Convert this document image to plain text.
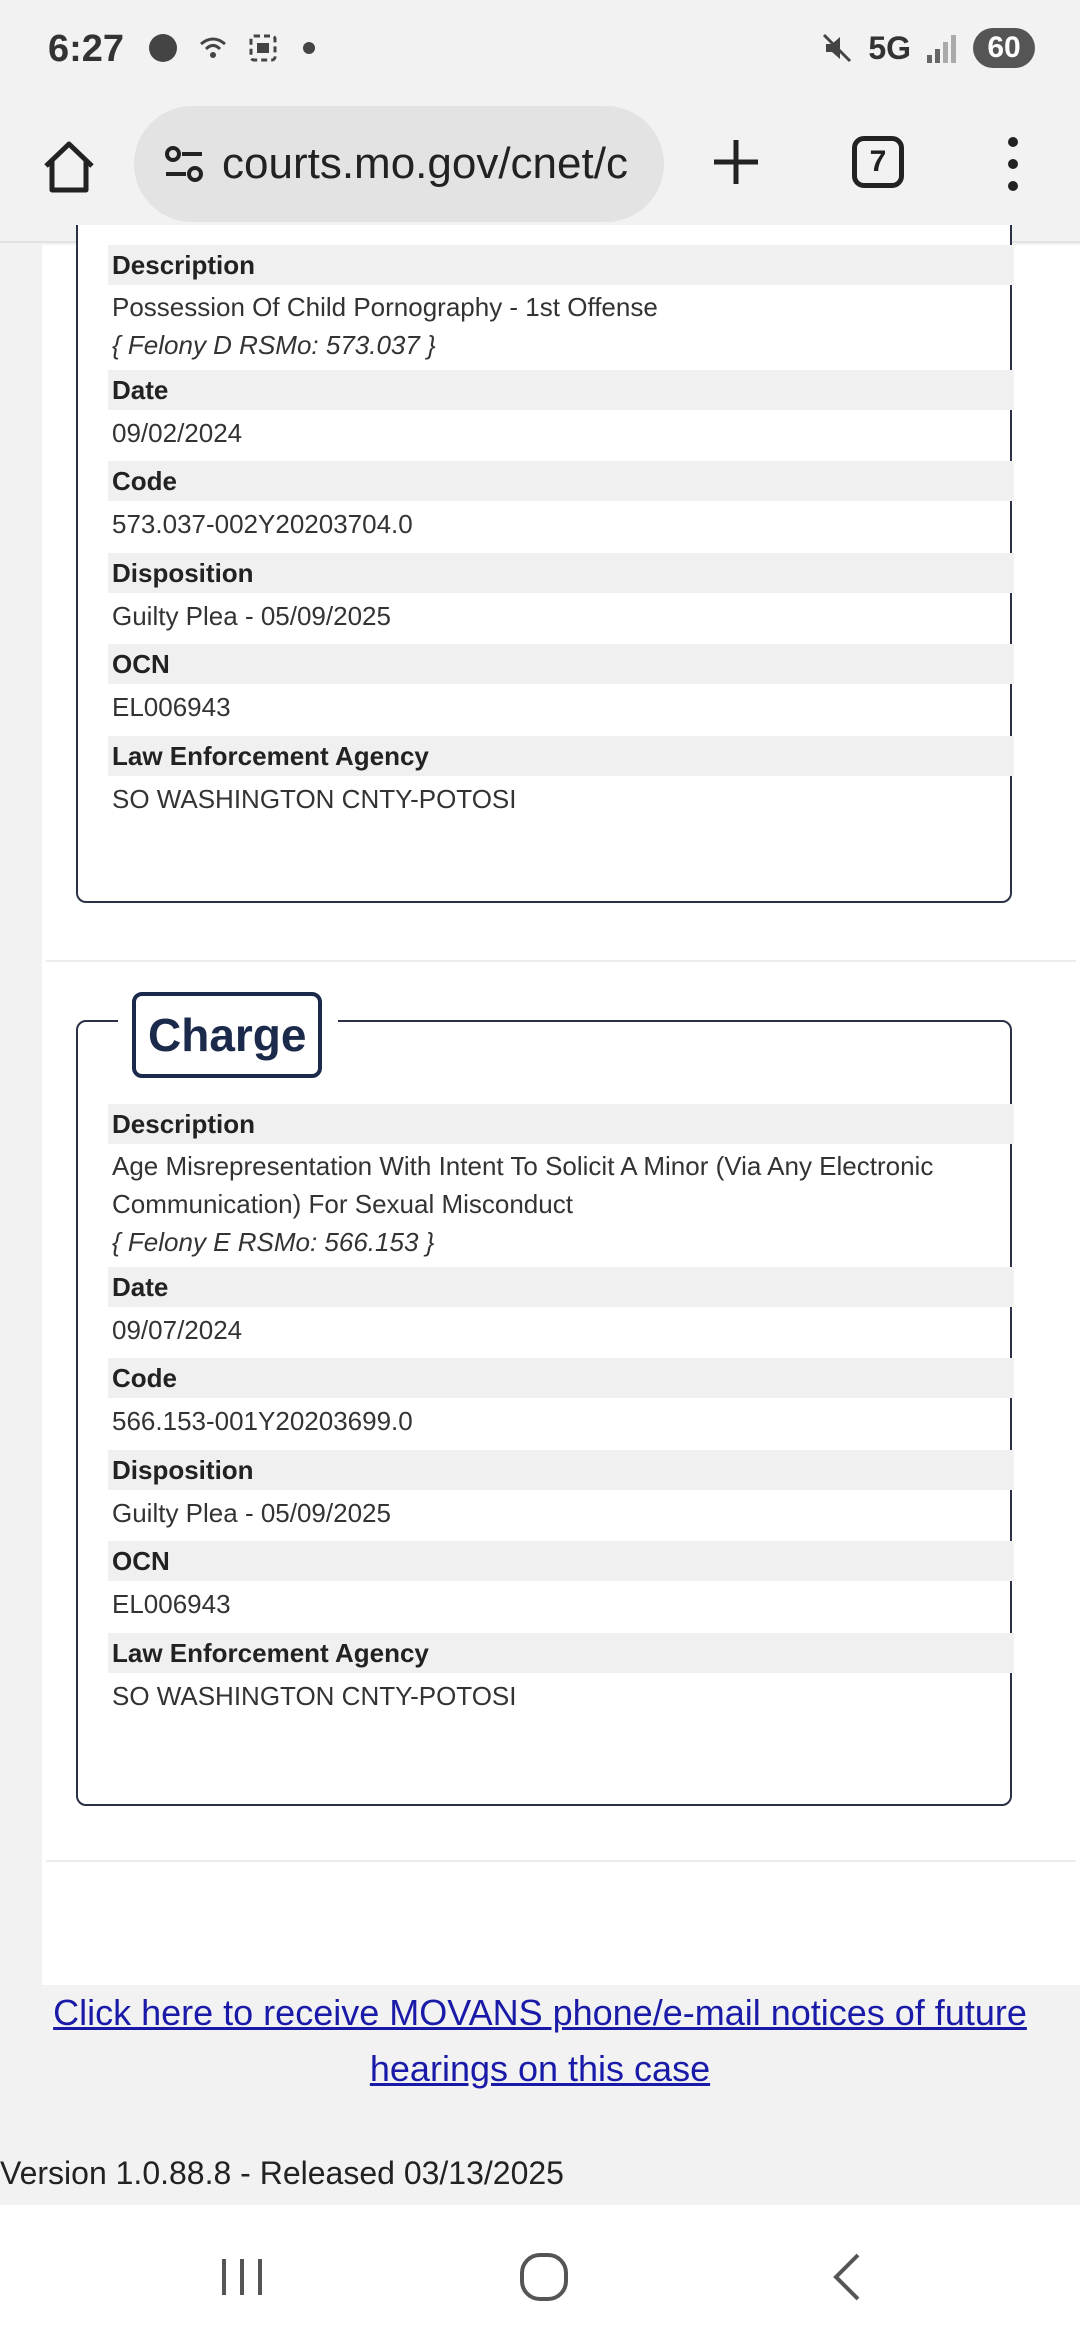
6:27	5G	60
courts.mo.gov/cnet/c	7
Description
Possession Of Child Pornography - 1st Offense
{ Felony D RSMo: 573.037 }
Date
09/02/2024
Code
573.037-002Y20203704.0
Disposition
Guilty Plea - 05/09/2025
OCN
EL006943
Law Enforcement Agency
SO WASHINGTON CNTY-POTOSI
Charge
Description
Age Misrepresentation With Intent To Solicit A Minor (Via Any Electronic
Communication) For Sexual Misconduct
{ Felony E RSMo: 566.153 }
Date
09/07/2024
Code
566.153-001Y20203699.0
Disposition
Guilty Plea - 05/09/2025
OCN
EL006943
Law Enforcement Agency
SO WASHINGTON CNTY-POTOSI
Click here to receive MOVANS phone/e-mail notices of future
hearings on this case
Version 1.0.88.8 - Released 03/13/2025
